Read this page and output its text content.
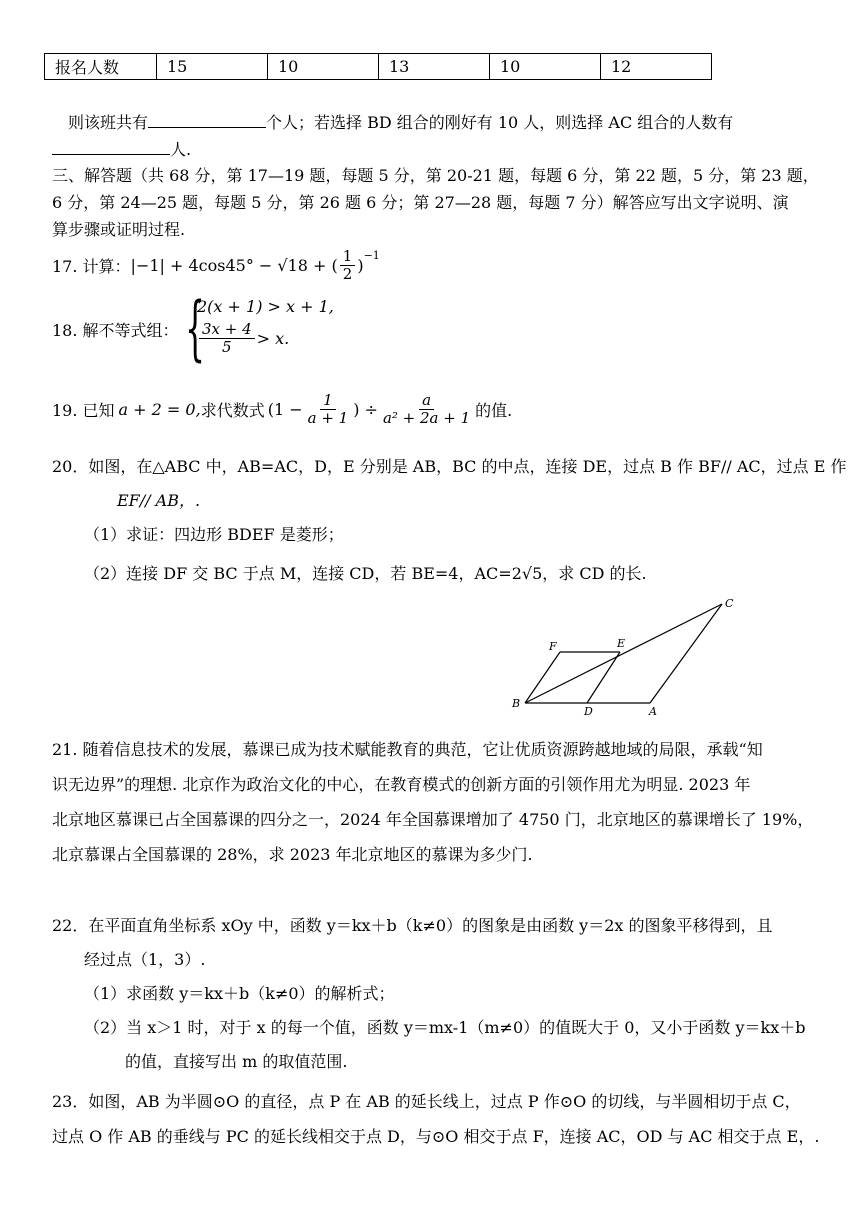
报名人数	15	10	13	10	12
则该班共有	个人；若选择 BD 组合的刚好有 10 人，则选择 AC 组合的人数有
人.
三、解答题（共 68 分，第 17—19 题，每题 5 分，第 20-21 题，每题 6 分，第 22 题，5 分，第 23 题，
6 分，第 24—25 题，每题 5 分，第 26 题 6 分；第 27—28 题，每题 7 分）解答应写出文字说明、演
算步骤或证明过程.
17. 计算： |−1| + 4cos45° − √18 + ( $\frac{1}{2}$ )
$^{-1}$
18. 解不等式组： {
2(x + 1) > x + 1,
$\frac{3x + 4}{5} > x$.
19. 已知 a + 2 = 0, 求代数式 ($1 - \frac{1}{a + 1}$ ) ÷ $\frac{a}{\text{a² + 2a + 1}}$ 的值.
20．如图，在△ABC 中，AB=AC，D，E 分别是 AB，BC 的中点，连接 DE，过点 B 作 BF// AC，过点 E 作
EF// AB，.
（1）求证：四边形 BDEF 是菱形；
（2）连接 DF 交 BC 于点 M，连接 CD，若 BE=4，AC=2√5，求 CD 的长.
F	E
C
B
D	A
21. 随着信息技术的发展，慕课已成为技术赋能教育的典范，它让优质资源跨越地域的局限，承载“知
识无边界”的理想. 北京作为政治文化的中心，在教育模式的创新方面的引领作用尤为明显. 2023 年
北京地区慕课已占全国慕课的四分之一，2024 年全国慕课增加了 4750 门，北京地区的慕课增长了 19%，
北京慕课占全国慕课的 28%，求 2023 年北京地区的慕课为多少门.
22．在平面直角坐标系 xOy 中，函数 y＝kx＋b（k≠0）的图象是由函数 y＝2x 的图象平移得到，且
经过点（1，3）.
（1）求函数 y＝kx＋b（k≠0）的解析式；
（2）当 x＞1 时，对于 x 的每一个值，函数 y＝mx-1（m≠0）的值既大于 0，又小于函数 y＝kx＋b
的值，直接写出 m 的取值范围.
23．如图，AB 为半圆⊙O 的直径，点 P 在 AB 的延长线上，过点 P 作⊙O 的切线，与半圆相切于点 C，
过点 O 作 AB 的垂线与 PC 的延长线相交于点 D，与⊙O 相交于点 F，连接 AC，OD 与 AC 相交于点 E，.
